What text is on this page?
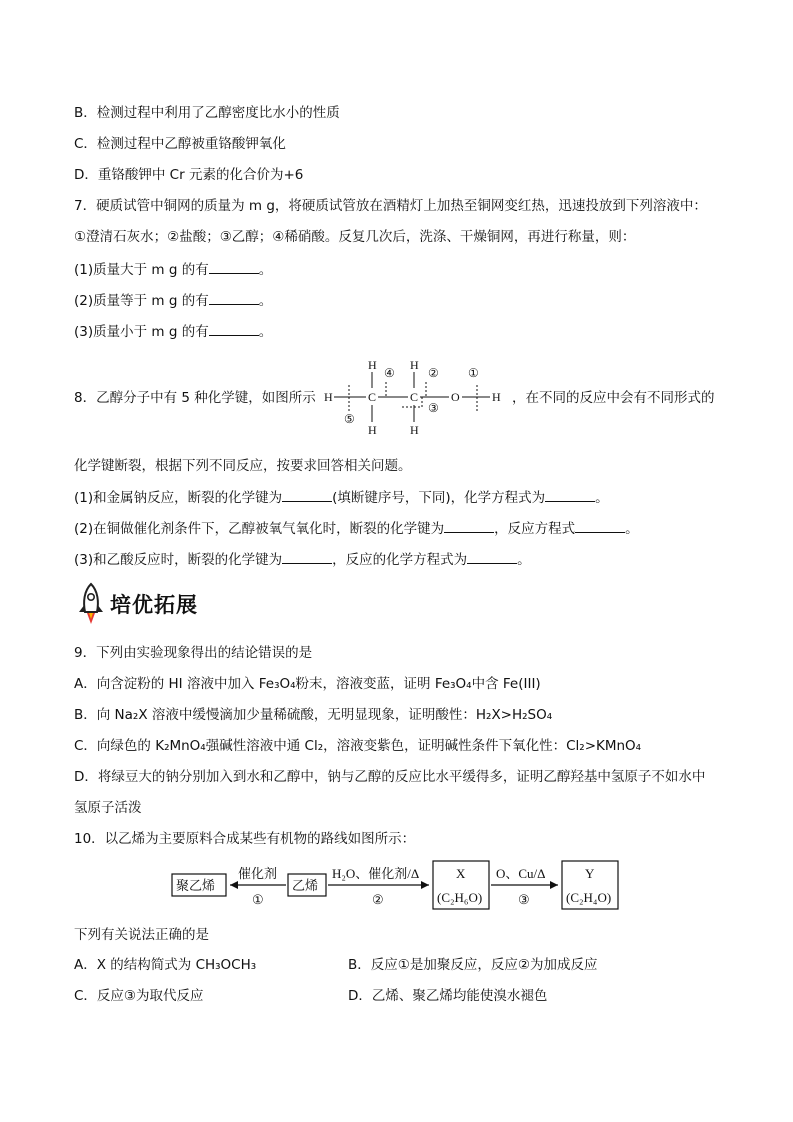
B．检测过程中利用了乙醇密度比水小的性质
C．检测过程中乙醇被重铬酸钾氧化
D．重铬酸钾中 Cr 元素的化合价为+6
7．硬质试管中铜网的质量为 m g，将硬质试管放在酒精灯上加热至铜网变红热，迅速投放到下列溶液中：
①澄清石灰水；②盐酸；③乙醇；④稀硝酸。反复几次后，洗涤、干燥铜网，再进行称量，则：
(1)质量大于 m g 的有	。
(2)质量等于 m g 的有	。
(3)质量小于 m g 的有	。
8．乙醇分子中有 5 种化学键，如图所示 H
H
C
H
H
C
H
O	H
⑤
④	②
③
①
，在不同的反应中会有不同形式的
化学键断裂，根据下列不同反应，按要求回答相关问题。
(1)和金属钠反应，断裂的化学键为	(填断键序号，下同)，化学方程式为	。
(2)在铜做催化剂条件下，乙醇被氧气氧化时，断裂的化学键为	，反应方程式	。
(3)和乙酸反应时，断裂的化学键为	，反应的化学方程式为	。
培优拓展
9．下列由实验现象得出的结论错误的是
A．向含淀粉的 HI 溶液中加入 Fe₃O₄粉末，溶液变蓝，证明 Fe₃O₄中含 Fe(III)
B．向 Na₂X 溶液中缓慢滴加少量稀硫酸，无明显现象，证明酸性：H₂X>H₂SO₄
C．向绿色的 K₂MnO₄强碱性溶液中通 Cl₂，溶液变紫色，证明碱性条件下氧化性：Cl₂>KMnO₄
D．将绿豆大的钠分别加入到水和乙醇中，钠与乙醇的反应比水平缓得多，证明乙醇羟基中氢原子不如水中
氢原子活泼
10．以乙烯为主要原料合成某些有机物的路线如图所示：
聚乙烯	乙烯
催化剂
①
H₂O、催化剂/Δ
②
X
(C₂H₆O)
O、Cu/Δ
③
Y
(C₂H₄O)
下列有关说法正确的是
A．X 的结构简式为 CH₃OCH₃	B．反应①是加聚反应，反应②为加成反应
C．反应③为取代反应	D．乙烯、聚乙烯均能使溴水褪色
